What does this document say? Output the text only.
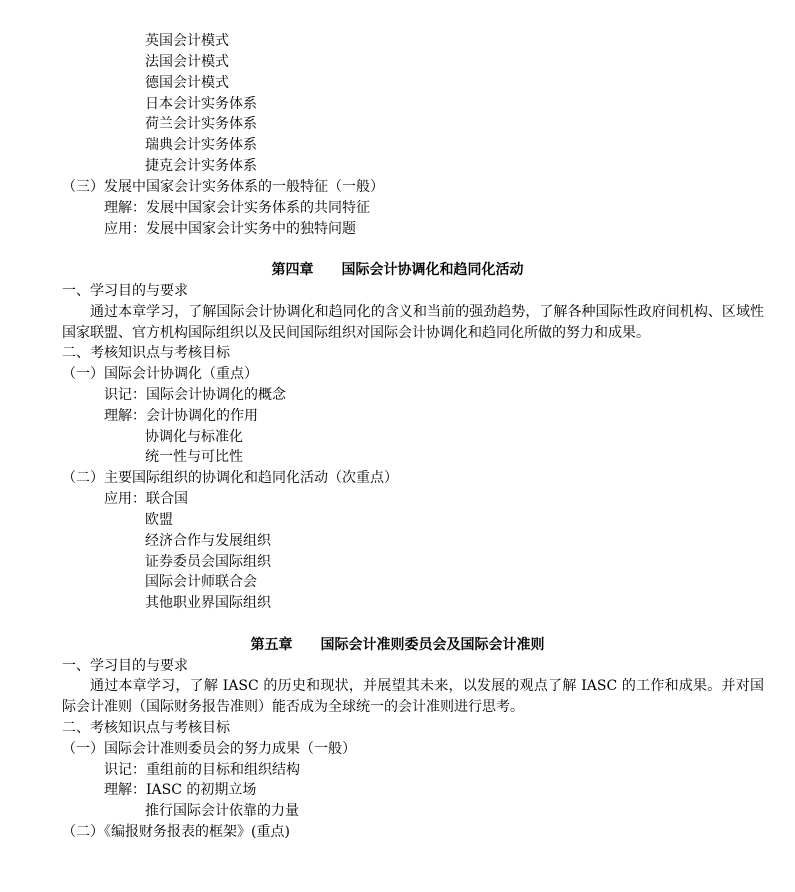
英国会计模式
法国会计模式
德国会计模式
日本会计实务体系
荷兰会计实务体系
瑞典会计实务体系
捷克会计实务体系
（三）发展中国家会计实务体系的一般特征（一般）
理解：发展中国家会计实务体系的共同特征
应用：发展中国家会计实务中的独特问题
第四章　　国际会计协调化和趋同化活动
一、学习目的与要求
通过本章学习，了解国际会计协调化和趋同化的含义和当前的强劲趋势，了解各种国际性政府间机构、区域性国家联盟、官方机构国际组织以及民间国际组织对国际会计协调化和趋同化所做的努力和成果。
二、考核知识点与考核目标
（一）国际会计协调化（重点）
识记：国际会计协调化的概念
理解：会计协调化的作用
协调化与标准化
统一性与可比性
（二）主要国际组织的协调化和趋同化活动（次重点）
应用：联合国
欧盟
经济合作与发展组织
证券委员会国际组织
国际会计师联合会
其他职业界国际组织
第五章　　国际会计准则委员会及国际会计准则
一、学习目的与要求
通过本章学习，了解 IASC 的历史和现状，并展望其未来，以发展的观点了解 IASC 的工作和成果。并对国际会计准则（国际财务报告准则）能否成为全球统一的会计准则进行思考。
二、考核知识点与考核目标
（一）国际会计准则委员会的努力成果（一般）
识记：重组前的目标和组织结构
理解：IASC 的初期立场
推行国际会计依靠的力量
（二）《编报财务报表的框架》(重点)
